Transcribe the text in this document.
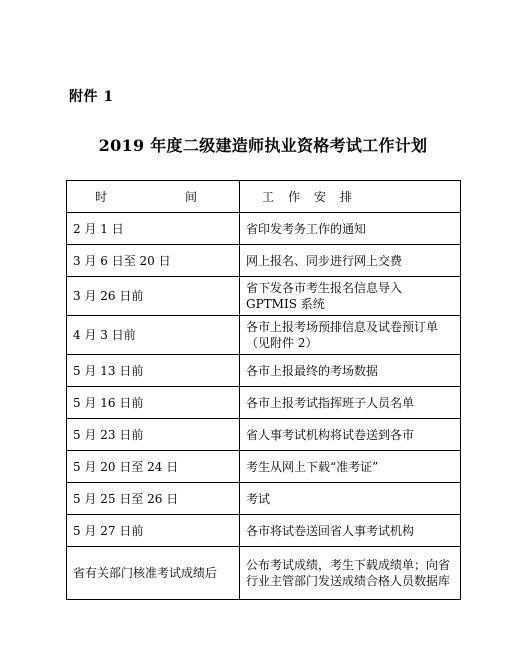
附件 1

2019 年度二级建造师执业资格考试工作计划
时 间	工作安排
2 月 1 日	省印发考务工作的通知
3 月 6 日至 20 日	网上报名、同步进行网上交费
3 月 26 日前	省下发各市考生报名信息导入 GPTMIS 系统
4 月 3 日前	各市上报考场预排信息及试卷预订单（见附件 2）
5 月 13 日前	各市上报最终的考场数据
5 月 16 日前	各市上报考试指挥班子人员名单
5 月 23 日前	省人事考试机构将试卷送到各市
5 月 20 日至 24 日	考生从网上下载“准考证”
5 月 25 日至 26 日	考试
5 月 27 日前	各市将试卷送回省人事考试机构
省有关部门核准考试成绩后	公布考试成绩，考生下载成绩单；向省行业主管部门发送成绩合格人员数据库
